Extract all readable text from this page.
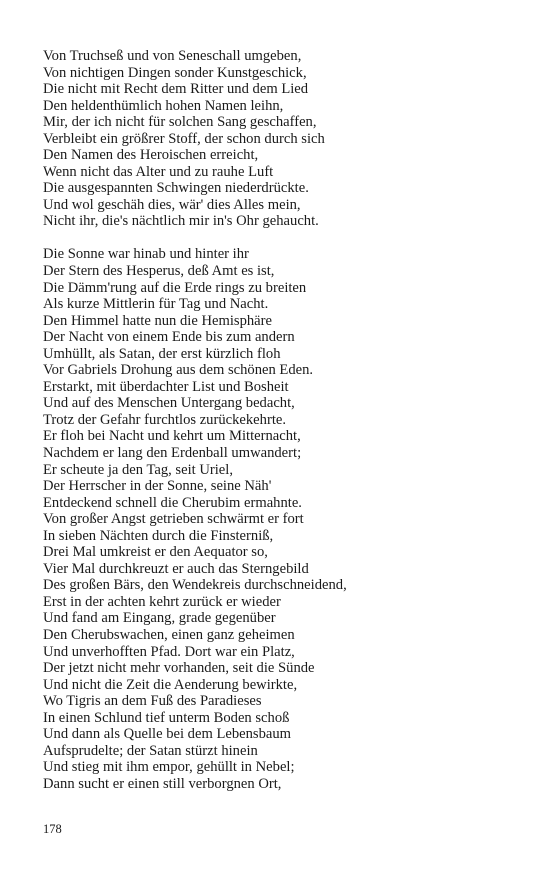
Von Truchseß und von Seneschall umgeben,
Von nichtigen Dingen sonder Kunstgeschick,
Die nicht mit Recht dem Ritter und dem Lied
Den heldenthümlich hohen Namen leihn,
Mir, der ich nicht für solchen Sang geschaffen,
Verbleibt ein größrer Stoff, der schon durch sich
Den Namen des Heroischen erreicht,
Wenn nicht das Alter und zu rauhe Luft
Die ausgespannten Schwingen niederdrückte.
Und wol geschäh dies, wär' dies Alles mein,
Nicht ihr, die's nächtlich mir in's Ohr gehaucht.
Die Sonne war hinab und hinter ihr
Der Stern des Hesperus, deß Amt es ist,
Die Dämm'rung auf die Erde rings zu breiten
Als kurze Mittlerin für Tag und Nacht.
Den Himmel hatte nun die Hemisphäre
Der Nacht von einem Ende bis zum andern
Umhüllt, als Satan, der erst kürzlich floh
Vor Gabriels Drohung aus dem schönen Eden.
Erstarkt, mit überdachter List und Bosheit
Und auf des Menschen Untergang bedacht,
Trotz der Gefahr furchtlos zurückekehrte.
Er floh bei Nacht und kehrt um Mitternacht,
Nachdem er lang den Erdenball umwandert;
Er scheute ja den Tag, seit Uriel,
Der Herrscher in der Sonne, seine Näh'
Entdeckend schnell die Cherubim ermahnte.
Von großer Angst getrieben schwärmt er fort
In sieben Nächten durch die Finsterniß,
Drei Mal umkreist er den Aequator so,
Vier Mal durchkreuzt er auch das Sterngebild
Des großen Bärs, den Wendekreis durchschneidend,
Erst in der achten kehrt zurück er wieder
Und fand am Eingang, grade gegenüber
Den Cherubswachen, einen ganz geheimen
Und unverhofften Pfad. Dort war ein Platz,
Der jetzt nicht mehr vorhanden, seit die Sünde
Und nicht die Zeit die Aenderung bewirkte,
Wo Tigris an dem Fuß des Paradieses
In einen Schlund tief unterm Boden schoß
Und dann als Quelle bei dem Lebensbaum
Aufsprudelte; der Satan stürzt hinein
Und stieg mit ihm empor, gehüllt in Nebel;
Dann sucht er einen still verborgnen Ort,
178
